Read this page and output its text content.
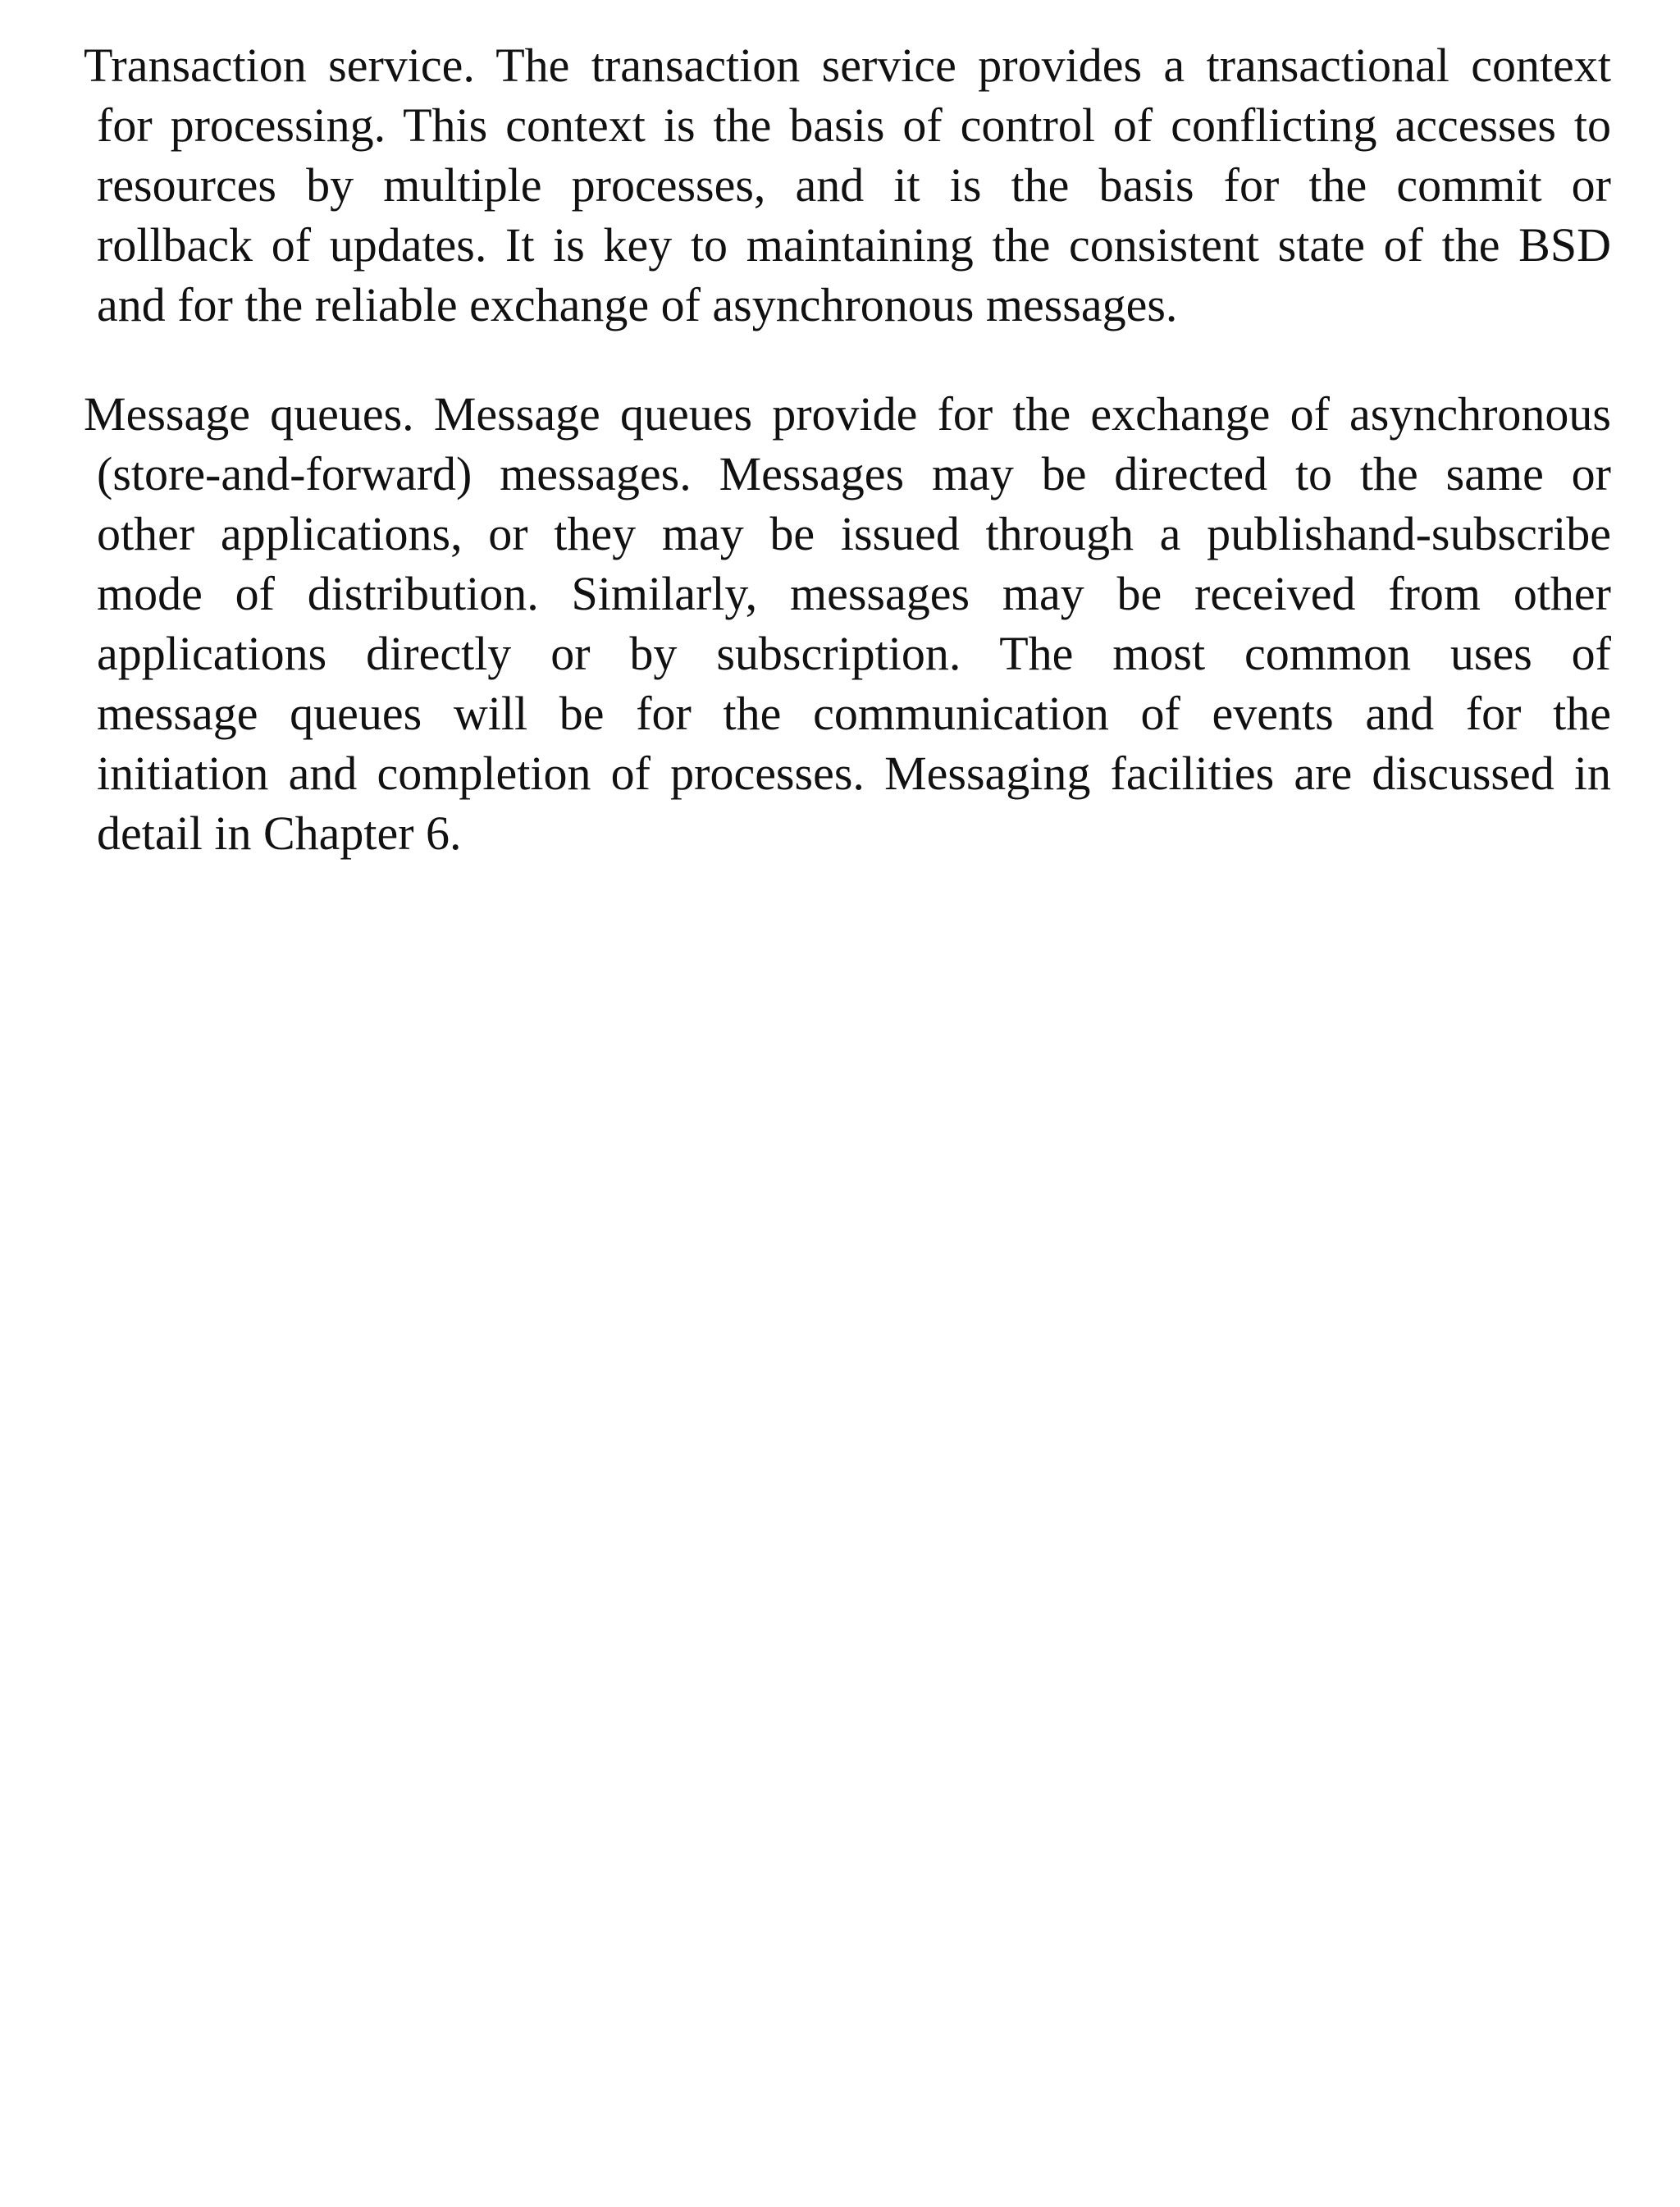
Transaction service. The transaction service provides a transactional context
for processing. This context is the basis of control of conflicting accesses to
resources by multiple processes, and it is the basis for the commit or
rollback of updates. It is key to maintaining the consistent state of the BSD
and for the reliable exchange of asynchronous messages.
Message queues. Message queues provide for the exchange of asynchronous
(store-and-forward) messages. Messages may be directed to the same or
other applications, or they may be issued through a publishand-subscribe
mode of distribution. Similarly, messages may be received from other
applications directly or by subscription. The most common uses of
message queues will be for the communication of events and for the
initiation and completion of processes. Messaging facilities are discussed in
detail in Chapter 6.
